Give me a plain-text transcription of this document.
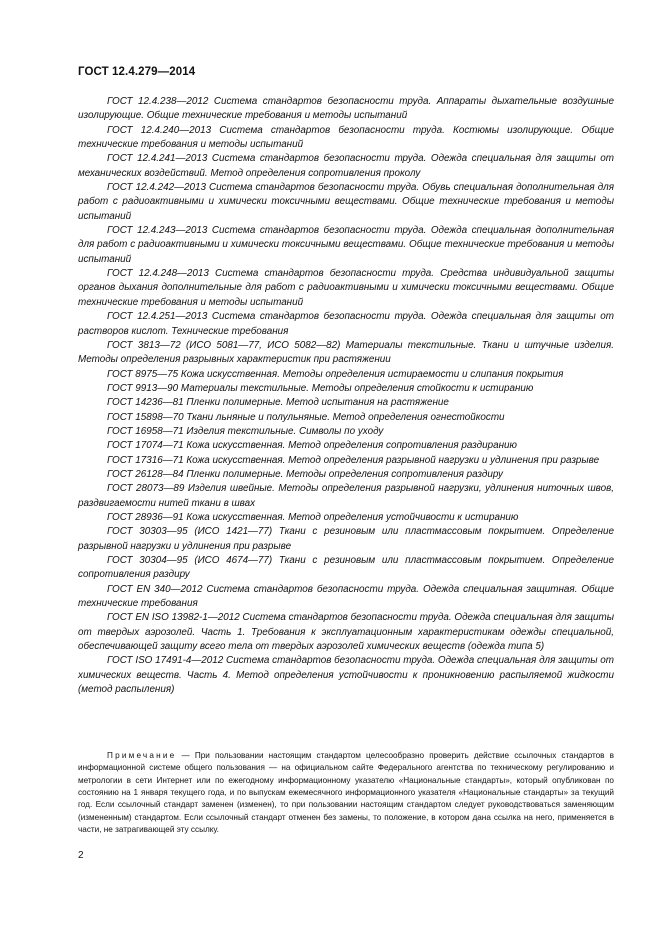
ГОСТ 12.4.279—2014

ГОСТ 12.4.238—2012 Система стандартов безопасности труда. Аппараты дыхательные воздушные изолирующие. Общие технические требования и методы испытаний

ГОСТ 12.4.240—2013 Система стандартов безопасности труда. Костюмы изолирующие. Общие технические требования и методы испытаний

ГОСТ 12.4.241—2013 Система стандартов безопасности труда. Одежда специальная для защиты от механических воздействий. Метод определения сопротивления проколу

ГОСТ 12.4.242—2013 Система стандартов безопасности труда. Обувь специальная дополнительная для работ с радиоактивными и химически токсичными веществами. Общие технические требования и методы испытаний

ГОСТ 12.4.243—2013 Система стандартов безопасности труда. Одежда специальная дополнительная для работ с радиоактивными и химически токсичными веществами. Общие технические требования и методы испытаний

ГОСТ 12.4.248—2013 Система стандартов безопасности труда. Средства индивидуальной защиты органов дыхания дополнительные для работ с радиоактивными и химически токсичными веществами. Общие технические требования и методы испытаний

ГОСТ 12.4.251—2013 Система стандартов безопасности труда. Одежда специальная для защиты от растворов кислот. Технические требования

ГОСТ 3813—72 (ИСО 5081—77, ИСО 5082—82) Материалы текстильные. Ткани и штучные изделия. Методы определения разрывных характеристик при растяжении

ГОСТ 8975—75 Кожа искусственная. Методы определения истираемости и слипания покрытия

ГОСТ 9913—90 Материалы текстильные. Методы определения стойкости к истиранию

ГОСТ 14236—81 Пленки полимерные. Метод испытания на растяжение

ГОСТ 15898—70 Ткани льняные и полульняные. Метод определения огнестойкости

ГОСТ 16958—71 Изделия текстильные. Символы по уходу

ГОСТ 17074—71 Кожа искусственная. Метод определения сопротивления раздиранию

ГОСТ 17316—71 Кожа искусственная. Метод определения разрывной нагрузки и удлинения при разрыве

ГОСТ 26128—84 Пленки полимерные. Методы определения сопротивления раздиру

ГОСТ 28073—89 Изделия швейные. Методы определения разрывной нагрузки, удлинения ниточных швов, раздвигаемости нитей ткани в швах

ГОСТ 28936—91 Кожа искусственная. Метод определения устойчивости к истиранию

ГОСТ 30303—95 (ИСО 1421—77) Ткани с резиновым или пластмассовым покрытием. Определение разрывной нагрузки и удлинения при разрыве

ГОСТ 30304—95 (ИСО 4674—77) Ткани с резиновым или пластмассовым покрытием. Определение сопротивления раздиру

ГОСТ EN 340—2012 Система стандартов безопасности труда. Одежда специальная защитная. Общие технические требования

ГОСТ EN ISO 13982-1—2012 Система стандартов безопасности труда. Одежда специальная для защиты от твердых аэрозолей. Часть 1. Требования к эксплуатационным характеристикам одежды специальной, обеспечивающей защиту всего тела от твердых аэрозолей химических веществ (одежда типа 5)

ГОСТ ISO 17491-4—2012 Система стандартов безопасности труда. Одежда специальная для защиты от химических веществ. Часть 4. Метод определения устойчивости к проникновению распыляемой жидкости (метод распыления)

Примечание — При пользовании настоящим стандартом целесообразно проверить действие ссылочных стандартов в информационной системе общего пользования — на официальном сайте Федерального агентства по техническому регулированию и метрологии в сети Интернет или по ежегодному информационному указателю «Национальные стандарты», который опубликован по состоянию на 1 января текущего года, и по выпускам ежемесячного информационного указателя «Национальные стандарты» за текущий год. Если ссылочный стандарт заменен (изменен), то при пользовании настоящим стандартом следует руководствоваться заменяющим (измененным) стандартом. Если ссылочный стандарт отменен без замены, то положение, в котором дана ссылка на него, применяется в части, не затрагивающей эту ссылку.

2
